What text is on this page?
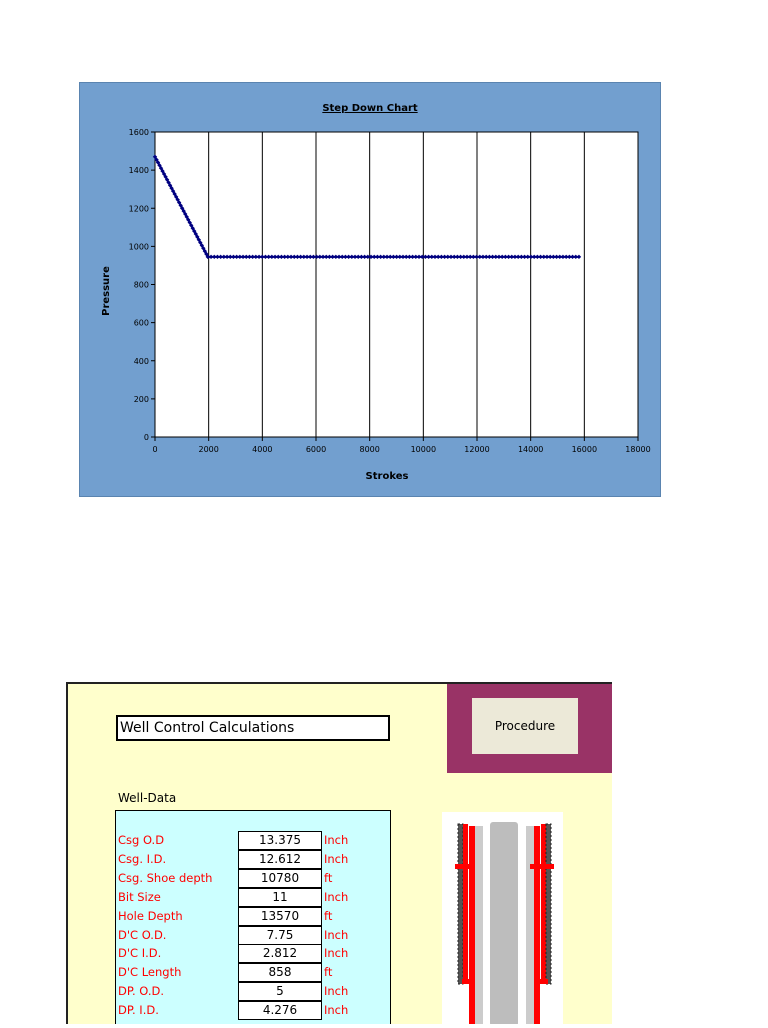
Step Down Chart
0	2000	4000	6000	8000	10000	12000	14000	16000	18000
0
200
400
600
800
1000
1200
1400
1600
Strokes
Pressure
Well Control Calculations	Procedure
Well-Data
Csg O.D	13.375	Inch
Csg. I.D.	12.612	Inch
Csg. Shoe depth	10780	ft
Bit Size	11	Inch
Hole Depth	13570	ft
D'C O.D.	7.75	Inch
D'C I.D.	2.812	Inch
D'C Length	858	ft
DP. O.D.	5	Inch
DP. I.D.	4.276	Inch
